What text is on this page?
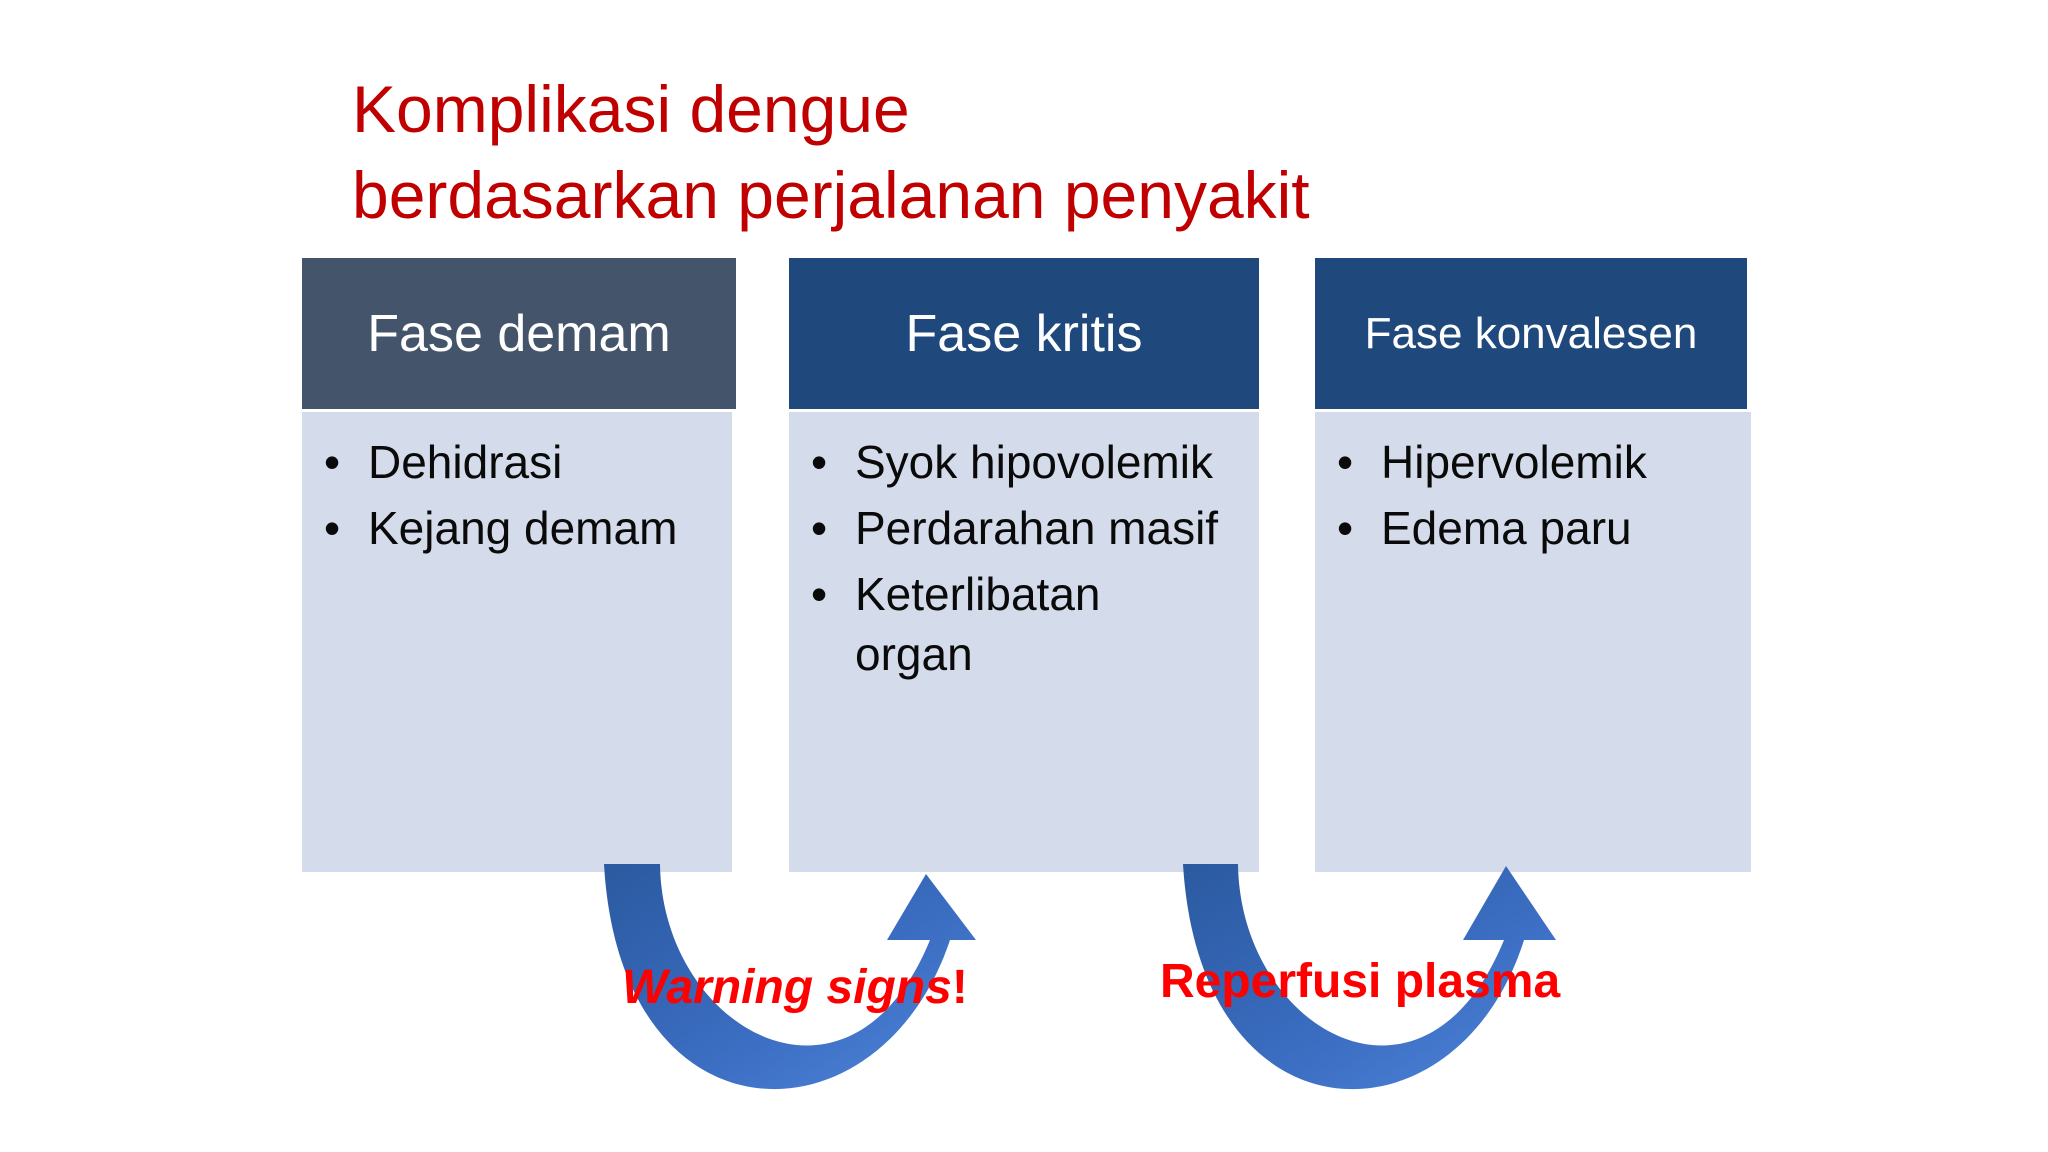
Komplikasi dengue
berdasarkan perjalanan penyakit
Fase demam
• Dehidrasi
• Kejang demam
Fase kritis
• Syok hipovolemik
• Perdarahan masif
• Keterlibatan organ
Fase konvalesen
• Hipervolemik
• Edema paru
Warning signs!	Reperfusi plasma
